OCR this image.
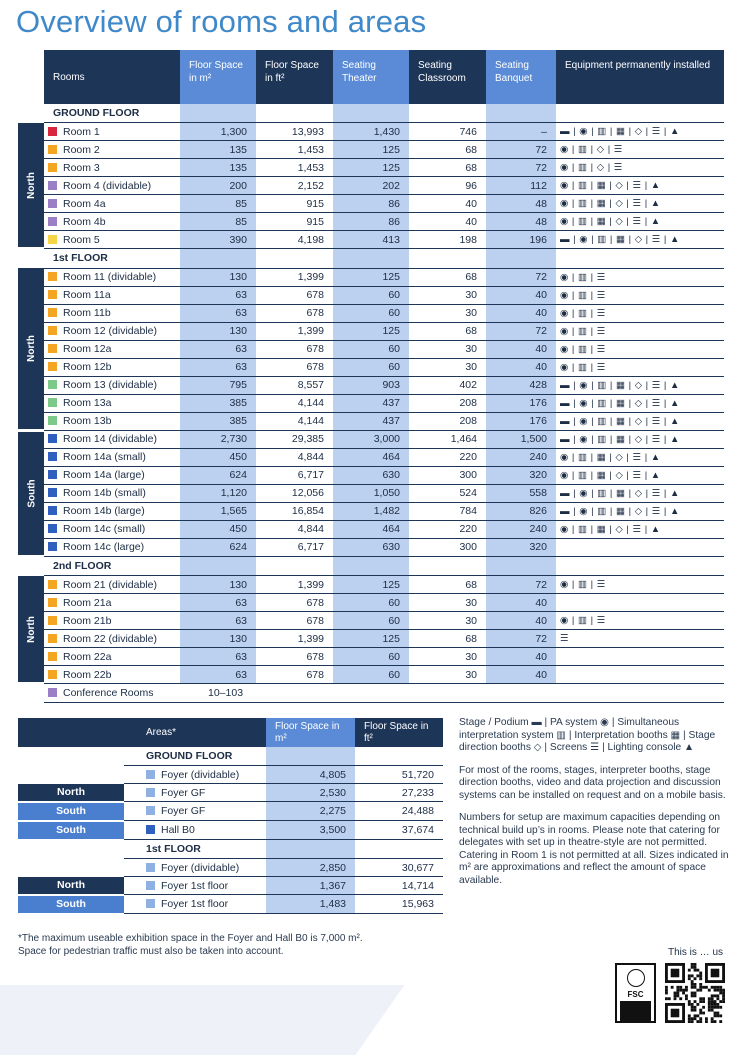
Overview of rooms and areas
	Rooms	Floor Space in m²	Floor Space in ft²	Seating Theater	Seating Classroom	Seating Banquet	Equipment permanently installed
	GROUND FLOOR						
North	Room 1	1,300	13,993	1,430	746	–	▬ | ◉ | ▥ | ▦ | ◇ | ☰ | ▲
	Room 2	135	1,453	125	68	72	◉ | ▥ | ◇ | ☰
	Room 3	135	1,453	125	68	72	◉ | ▥ | ◇ | ☰
	Room 4 (dividable)	200	2,152	202	96	112	◉ | ▥ | ▦ | ◇ | ☰ | ▲
	Room 4a	85	915	86	40	48	◉ | ▥ | ▦ | ◇ | ☰ | ▲
	Room 4b	85	915	86	40	48	◉ | ▥ | ▦ | ◇ | ☰ | ▲
	Room 5	390	4,198	413	198	196	▬ | ◉ | ▥ | ▦ | ◇ | ☰ | ▲
	1st FLOOR						
North	Room 11 (dividable)	130	1,399	125	68	72	◉ | ▥ | ☰
	Room 11a	63	678	60	30	40	◉ | ▥ | ☰
	Room 11b	63	678	60	30	40	◉ | ▥ | ☰
	Room 12 (dividable)	130	1,399	125	68	72	◉ | ▥ | ☰
	Room 12a	63	678	60	30	40	◉ | ▥ | ☰
	Room 12b	63	678	60	30	40	◉ | ▥ | ☰
	Room 13 (dividable)	795	8,557	903	402	428	▬ | ◉ | ▥ | ▦ | ◇ | ☰ | ▲
	Room 13a	385	4,144	437	208	176	▬ | ◉ | ▥ | ▦ | ◇ | ☰ | ▲
	Room 13b	385	4,144	437	208	176	▬ | ◉ | ▥ | ▦ | ◇ | ☰ | ▲
South	Room 14 (dividable)	2,730	29,385	3,000	1,464	1,500	▬ | ◉ | ▥ | ▦ | ◇ | ☰ | ▲
	Room 14a (small)	450	4,844	464	220	240	◉ | ▥ | ▦ | ◇ | ☰ | ▲
	Room 14a (large)	624	6,717	630	300	320	◉ | ▥ | ▦ | ◇ | ☰ | ▲
	Room 14b (small)	1,120	12,056	1,050	524	558	▬ | ◉ | ▥ | ▦ | ◇ | ☰ | ▲
	Room 14b (large)	1,565	16,854	1,482	784	826	▬ | ◉ | ▥ | ▦ | ◇ | ☰ | ▲
	Room 14c (small)	450	4,844	464	220	240	◉ | ▥ | ▦ | ◇ | ☰ | ▲
	Room 14c (large)	624	6,717	630	300	320	
	2nd FLOOR						
North	Room 21 (dividable)	130	1,399	125	68	72	◉ | ▥ | ☰
	Room 21a	63	678	60	30	40	
	Room 21b	63	678	60	30	40	◉ | ▥ | ☰
	Room 22 (dividable)	130	1,399	125	68	72	☰
	Room 22a	63	678	60	30	40	
	Room 22b	63	678	60	30	40	
	Conference Rooms	10–103					
	Areas*	Floor Space in m²	Floor Space in ft²
	GROUND FLOOR		
	Foyer (dividable)	4,805	51,720
North	Foyer GF	2,530	27,233
South	Foyer GF	2,275	24,488
South	Hall B0	3,500	37,674
	1st FLOOR		
	Foyer (dividable)	2,850	30,677
North	Foyer 1st floor	1,367	14,714
South	Foyer 1st floor	1,483	15,963

Stage / Podium ▬ | PA system ◉ | Simultaneous interpretation system ▥ | Interpretation booths ▦ | Stage direction booths ◇ | Screens ☰ | Lighting console ▲

For most of the rooms, stages, interpreter booths, stage direction booths, video and data projection and discussion systems can be installed on request and on a mobile basis.

Numbers for setup are maximum capacities depending on technical build up’s in rooms. Please note that catering for delegates with set up in theatre-style are not permitted. Catering in Room 1 is not permitted at all. Sizes indicated in m² are approximations and reflect the amount of space available.

*The maximum useable exhibition space in the Foyer and Hall B0 is 7,000 m².
Space for pedestrian traffic must also be taken into account.	This is … us
FSC
